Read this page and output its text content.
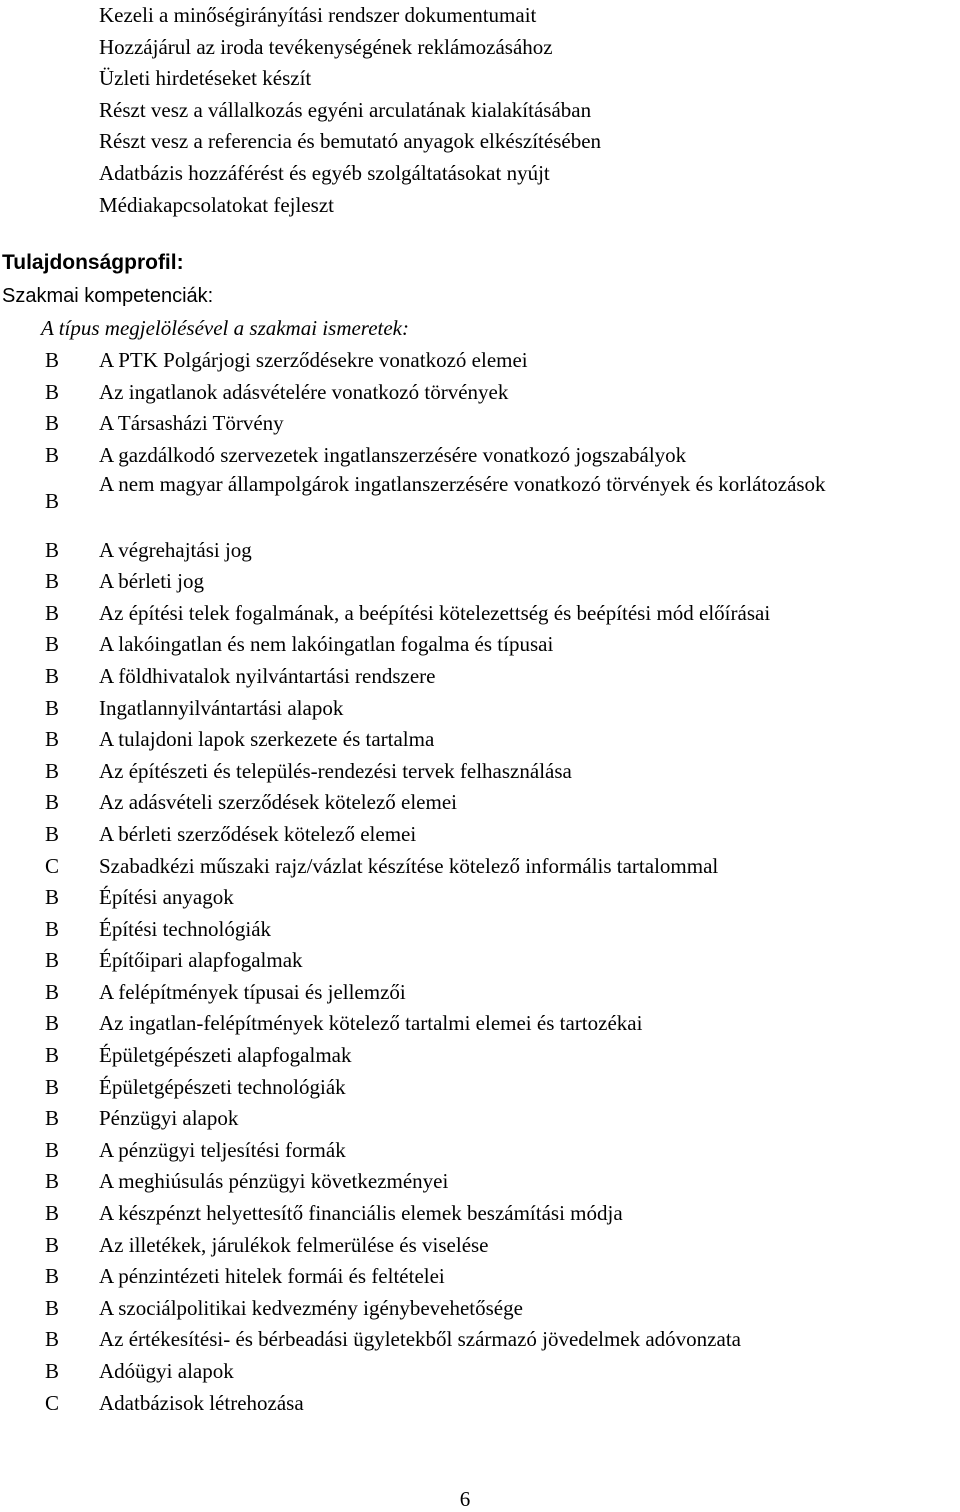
Kezeli a minőségirányítási rendszer dokumentumait
Hozzájárul az iroda tevékenységének reklámozásához
Üzleti hirdetéseket készít
Részt vesz a vállalkozás egyéni arculatának kialakításában
Részt vesz a referencia és bemutató anyagok elkészítésében
Adatbázis hozzáférést és egyéb szolgáltatásokat nyújt
Médiakapcsolatokat fejleszt
Tulajdonságprofil:
Szakmai kompetenciák:
A típus megjelölésével a szakmai ismeretek:
B A PTK Polgárjogi szerződésekre vonatkozó elemei
B Az ingatlanok adásvételére vonatkozó törvények
B A Társasházi Törvény
B A gazdálkodó szervezetek ingatlanszerzésére vonatkozó jogszabályok
B
A nem magyar állampolgárok ingatlanszerzésére vonatkozó törvények és korlátozások
B A végrehajtási jog
B A bérleti jog
B Az építési telek fogalmának, a beépítési kötelezettség és beépítési mód előírásai
B A lakóingatlan és nem lakóingatlan fogalma és típusai
B A földhivatalok nyilvántartási rendszere
B Ingatlannyilvántartási alapok
B A tulajdoni lapok szerkezete és tartalma
B Az építészeti és település-rendezési tervek felhasználása
B Az adásvételi szerződések kötelező elemei
B A bérleti szerződések kötelező elemei
C Szabadkézi műszaki rajz/vázlat készítése kötelező informális tartalommal
B Építési anyagok
B Építési technológiák
B Építőipari alapfogalmak
B A felépítmények típusai és jellemzői
B Az ingatlan-felépítmények kötelező tartalmi elemei és tartozékai
B Épületgépészeti alapfogalmak
B Épületgépészeti technológiák
B Pénzügyi alapok
B A pénzügyi teljesítési formák
B A meghiúsulás pénzügyi következményei
B A készpénzt helyettesítő financiális elemek beszámítási módja
B Az illetékek, járulékok felmerülése és viselése
B A pénzintézeti hitelek formái és feltételei
B A szociálpolitikai kedvezmény igénybevehetősége
B Az értékesítési- és bérbeadási ügyletekből származó jövedelmek adóvonzata
B Adóügyi alapok
C Adatbázisok létrehozása
6
